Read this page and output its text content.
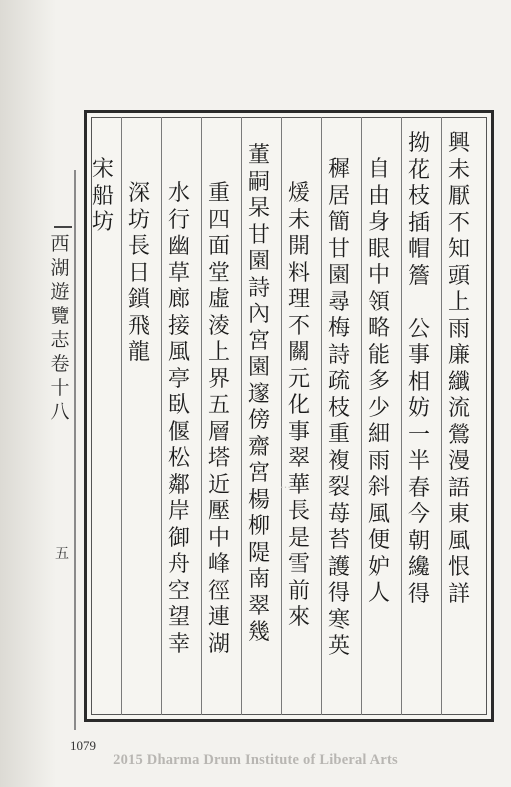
西
湖
遊
覽
志
卷
十
八
五
興
未
厭
不
知
頭
上
雨
廉
纖
流
鶯
漫
語
東
風
恨
詳
拗
花
枝
插
帽
簷

公
事
相
妨
一
半
春
今
朝
纔
得
自
由
身
眼
中
領
略
能
多
少
細
雨
斜
風
便
妒
人
穉
居
簡
甘
園
尋
梅
詩
疏
枝
重
複
裂
苺
苔
護
得
寒
英
煖
未
開
料
理
不
關
元
化
事
翠
華
長
是
雪
前
來
董
嗣
杲
甘
園
詩
內
宮
園
邃
傍
齋
宮
楊
柳
隄
南
翠
幾
重
四
面
堂
虛
淩
上
界
五
層
塔
近
壓
中
峰
徑
連
湖
水
行
幽
草
廊
接
風
亭
臥
偃
松
鄰
岸
御
舟
空
望
幸
深
坊
長
日
鎖
飛
龍
宋
船
坊
…
1079
2015 Dharma Drum Institute of Liberal Arts
